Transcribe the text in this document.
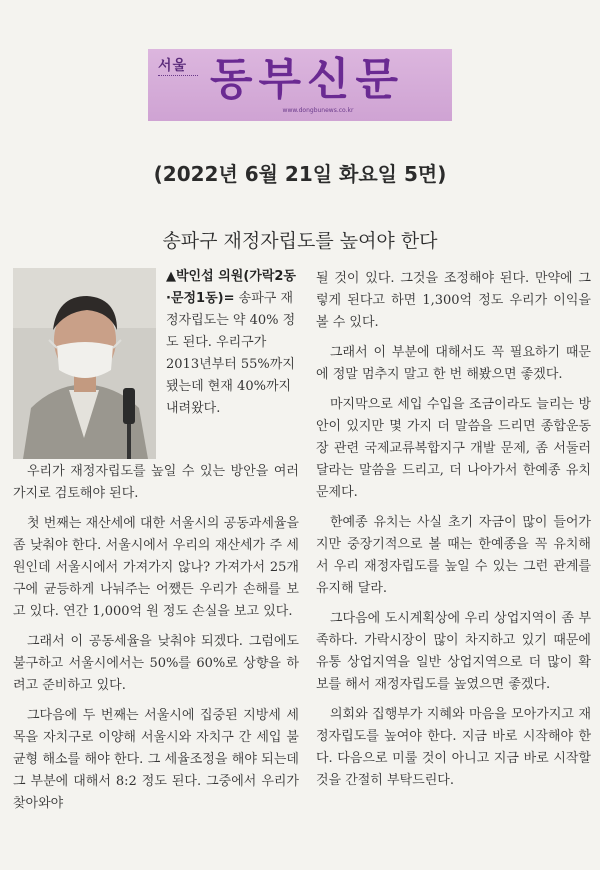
서울 동부신문
www.dongbunews.co.kr
(2022년 6월 21일 화요일 5면)
송파구 재정자립도를 높여야 한다
▲박인섭 의원(가락2동·문정1동)= 송파구 재정자립도는 약 40% 정도 된다. 우리구가 2013년부터 55%까지 됐는데 현재 40%까지 내려왔다.

우리가 재정자립도를 높일 수 있는 방안을 여러 가지로 검토해야 된다.

첫 번째는 재산세에 대한 서울시의 공동과세율을 좀 낮춰야 한다. 서울시에서 우리의 재산세가 주 세원인데 서울시에서 가져가지 않나? 가져가서 25개 구에 균등하게 나눠주는 어쨌든 우리가 손해를 보고 있다. 연간 1,000억 원 정도 손실을 보고 있다.

그래서 이 공동세율을 낮춰야 되겠다. 그럼에도 불구하고 서울시에서는 50%를 60%로 상향을 하려고 준비하고 있다.

그다음에 두 번째는 서울시에 집중된 지방세 세목을 자치구로 이양해 서울시와 자치구 간 세입 불균형 해소를 해야 한다. 그 세율조정을 해야 되는데 그 부분에 대해서 8:2 정도 된다. 그중에서 우리가 찾아와야

될 것이 있다. 그것을 조정해야 된다. 만약에 그렇게 된다고 하면 1,300억 정도 우리가 이익을 볼 수 있다.

그래서 이 부분에 대해서도 꼭 필요하기 때문에 정말 멈추지 말고 한 번 해봤으면 좋겠다.

마지막으로 세입 수입을 조금이라도 늘리는 방안이 있지만 몇 가지 더 말씀을 드리면 종합운동장 관련 국제교류복합지구 개발 문제, 좀 서둘러 달라는 말씀을 드리고, 더 나아가서 한예종 유치문제다.

한예종 유치는 사실 초기 자금이 많이 들어가지만 중장기적으로 볼 때는 한예종을 꼭 유치해서 우리 재정자립도를 높일 수 있는 그런 관계를 유지해 달라.

그다음에 도시계획상에 우리 상업지역이 좀 부족하다. 가락시장이 많이 차지하고 있기 때문에 유통 상업지역을 일반 상업지역으로 더 많이 확보를 해서 재정자립도를 높였으면 좋겠다.

의회와 집행부가 지혜와 마음을 모아가지고 재정자립도를 높여야 한다. 지금 바로 시작해야 한다. 다음으로 미룰 것이 아니고 지금 바로 시작할 것을 간절히 부탁드린다.
